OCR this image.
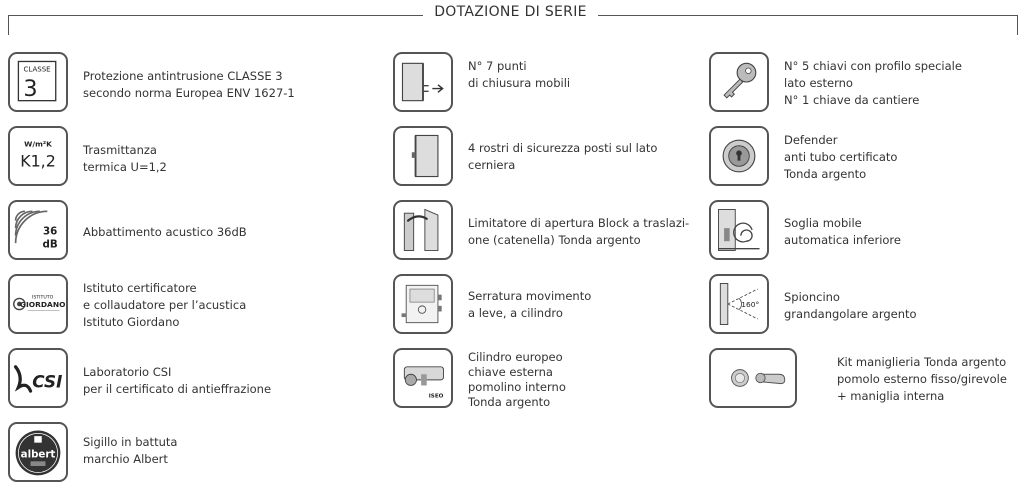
DOTAZIONE DI SERIE
CLASSE
3	Protezione antintrusione CLASSE 3
secondo norma Europea ENV 1627-1
W/m²K
K1,2
Trasmittanza
termica U=1,2
36
dB
Abbattimento acustico 36dB
ISTITUTO
GIORDANO
Istituto certificatore
e collaudatore per l’acustica
Istituto Giordano
CSI Laboratorio CSI
per il certificato di antieffrazione
albert
Sigillo in battuta
marchio Albert
N° 7 punti
di chiusura mobili
4 rostri di sicurezza posti sul lato
cerniera
Limitatore di apertura Block a traslazi-
one (catenella) Tonda argento
Serratura movimento
a leve, a cilindro
ISEO
Cilindro europeo
chiave esterna
pomolino interno
Tonda argento
N° 5 chiavi con profilo speciale
lato esterno
N° 1 chiave da cantiere
Defender
anti tubo certificato
Tonda argento
Soglia mobile
automatica inferiore
160°
Spioncino
grandangolare argento
Kit maniglieria Tonda argento
pomolo esterno fisso/girevole
+ maniglia interna
